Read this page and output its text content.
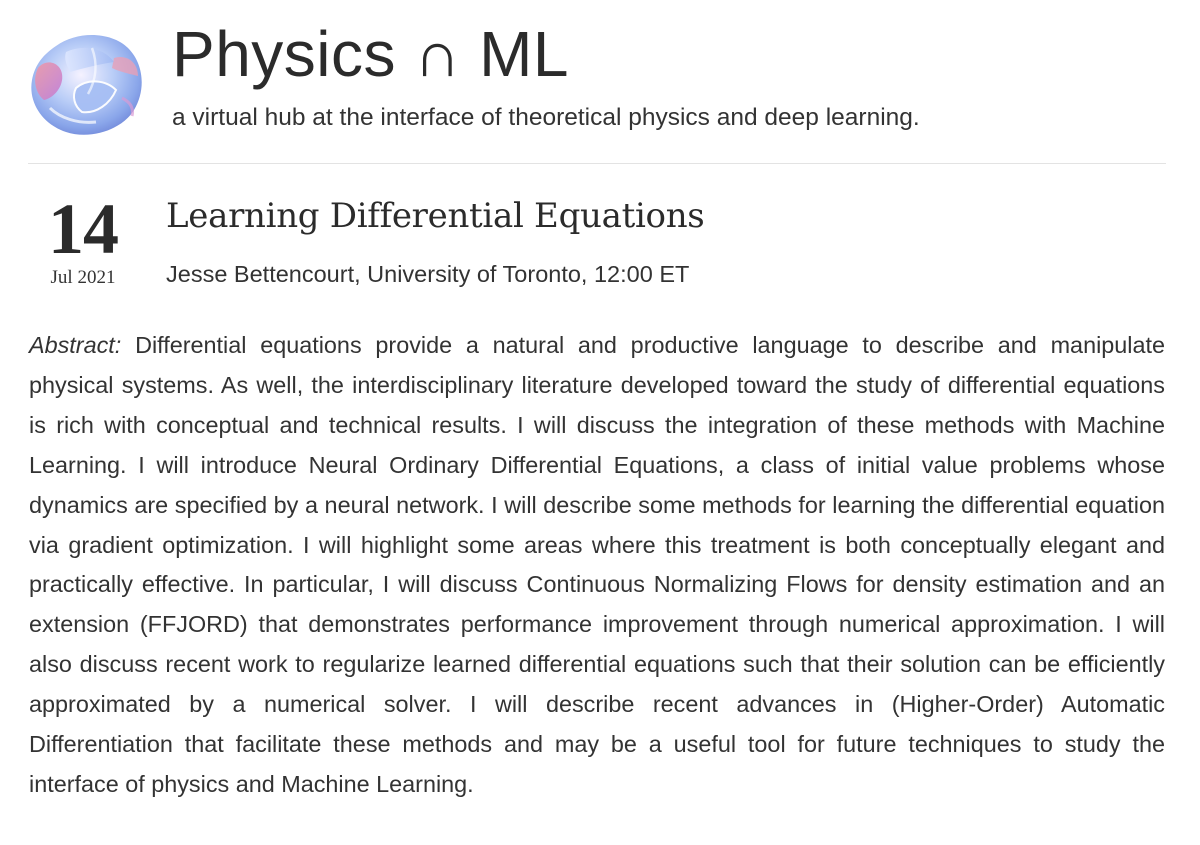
Physics ∩ ML
a virtual hub at the interface of theoretical physics and deep learning.
14
Jul 2021
Learning Differential Equations
Jesse Bettencourt, University of Toronto, 12:00 ET

Abstract: Differential equations provide a natural and productive language to describe and manipulate physical systems. As well, the interdisciplinary literature developed toward the study of differential equations is rich with conceptual and technical results. I will discuss the integration of these methods with Machine Learning. I will introduce Neural Ordinary Differential Equations, a class of initial value problems whose dynamics are specified by a neural network. I will describe some methods for learning the differential equation via gradient optimization. I will highlight some areas where this treatment is both conceptually elegant and practically effective. In particular, I will discuss Continuous Normalizing Flows for density estimation and an extension (FFJORD) that demonstrates performance improvement through numerical approximation. I will also discuss recent work to regularize learned differential equations such that their solution can be efficiently approximated by a numerical solver. I will describe recent advances in (Higher-Order) Automatic Differentiation that facilitate these methods and may be a useful tool for future techniques to study the interface of physics and Machine Learning.
